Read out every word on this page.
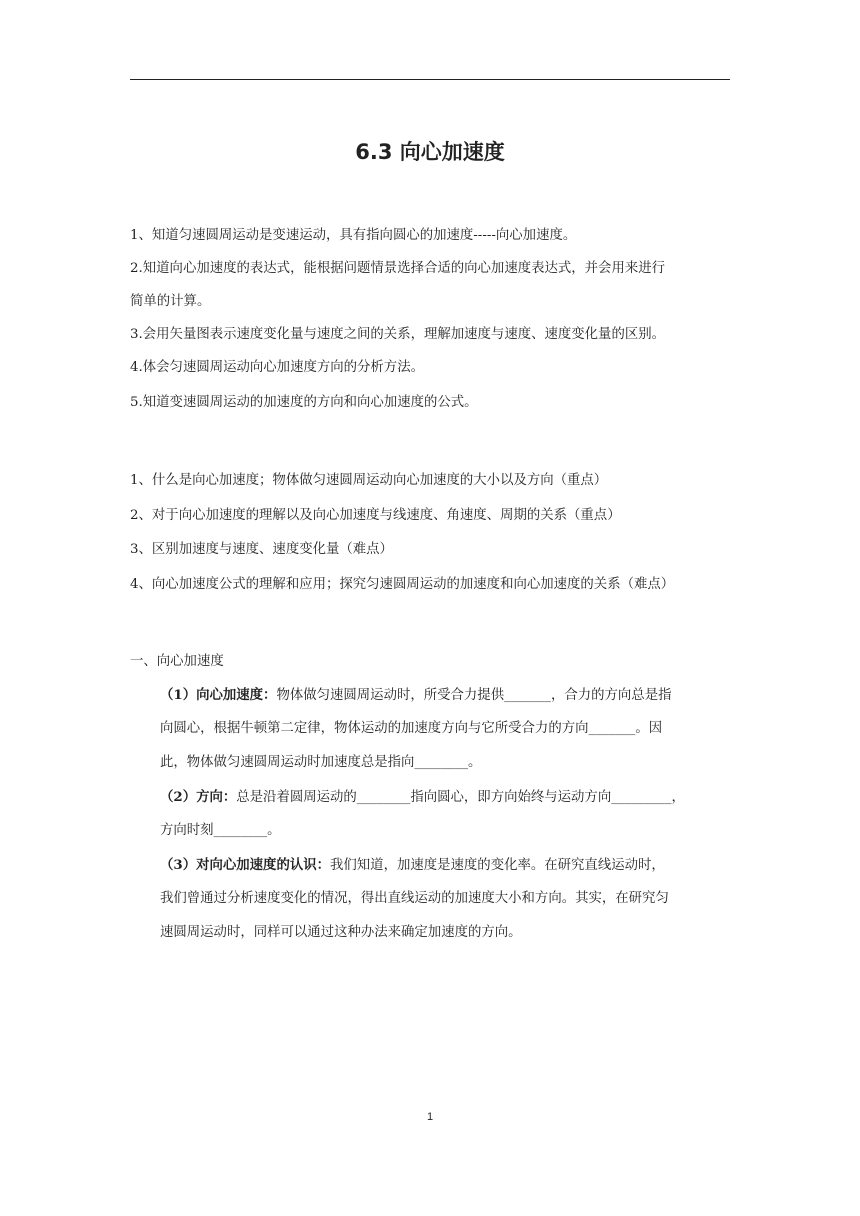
6.3 向心加速度
1、知道匀速圆周运动是变速运动，具有指向圆心的加速度-----向心加速度。
2.知道向心加速度的表达式，能根据问题情景选择合适的向心加速度表达式，并会用来进行
简单的计算。
3.会用矢量图表示速度变化量与速度之间的关系，理解加速度与速度、速度变化量的区别。
4.体会匀速圆周运动向心加速度方向的分析方法。
5.知道变速圆周运动的加速度的方向和向心加速度的公式。
1、什么是向心加速度；物体做匀速圆周运动向心加速度的大小以及方向（重点）
2、对于向心加速度的理解以及向心加速度与线速度、角速度、周期的关系（重点）
3、区别加速度与速度、速度变化量（难点）
4、向心加速度公式的理解和应用；探究匀速圆周运动的加速度和向心加速度的关系（难点）
一、向心加速度
（1）向心加速度：物体做匀速圆周运动时，所受合力提供_______，合力的方向总是指
向圆心，根据牛顿第二定律，物体运动的加速度方向与它所受合力的方向_______。因
此，物体做匀速圆周运动时加速度总是指向________。
（2）方向：总是沿着圆周运动的________指向圆心，即方向始终与运动方向_________，
方向时刻________。
（3）对向心加速度的认识：我们知道，加速度是速度的变化率。在研究直线运动时，
我们曾通过分析速度变化的情况，得出直线运动的加速度大小和方向。其实，在研究匀
速圆周运动时，同样可以通过这种办法来确定加速度的方向。
1
